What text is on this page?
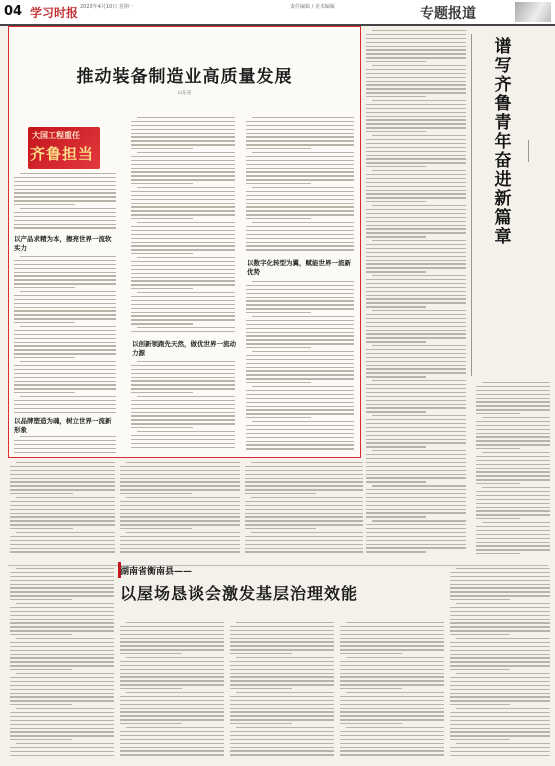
04 学习时报 2023年4月10日 星期一	责任编辑 / 美术编辑	专题报道
推动装备制造业高质量发展
山东省
大国工程重任
齐鲁担当
以产品求精为本，擦亮世界一流软实力
以品牌塑造为魂，树立世界一流新形象
以创新领跑先天然，做优世界一流动力源
以数字化转型为翼，赋能世界一流新优势
谱写齐鲁青年奋进新篇章
湖南省衡南县——
以屋场恳谈会激发基层治理效能
